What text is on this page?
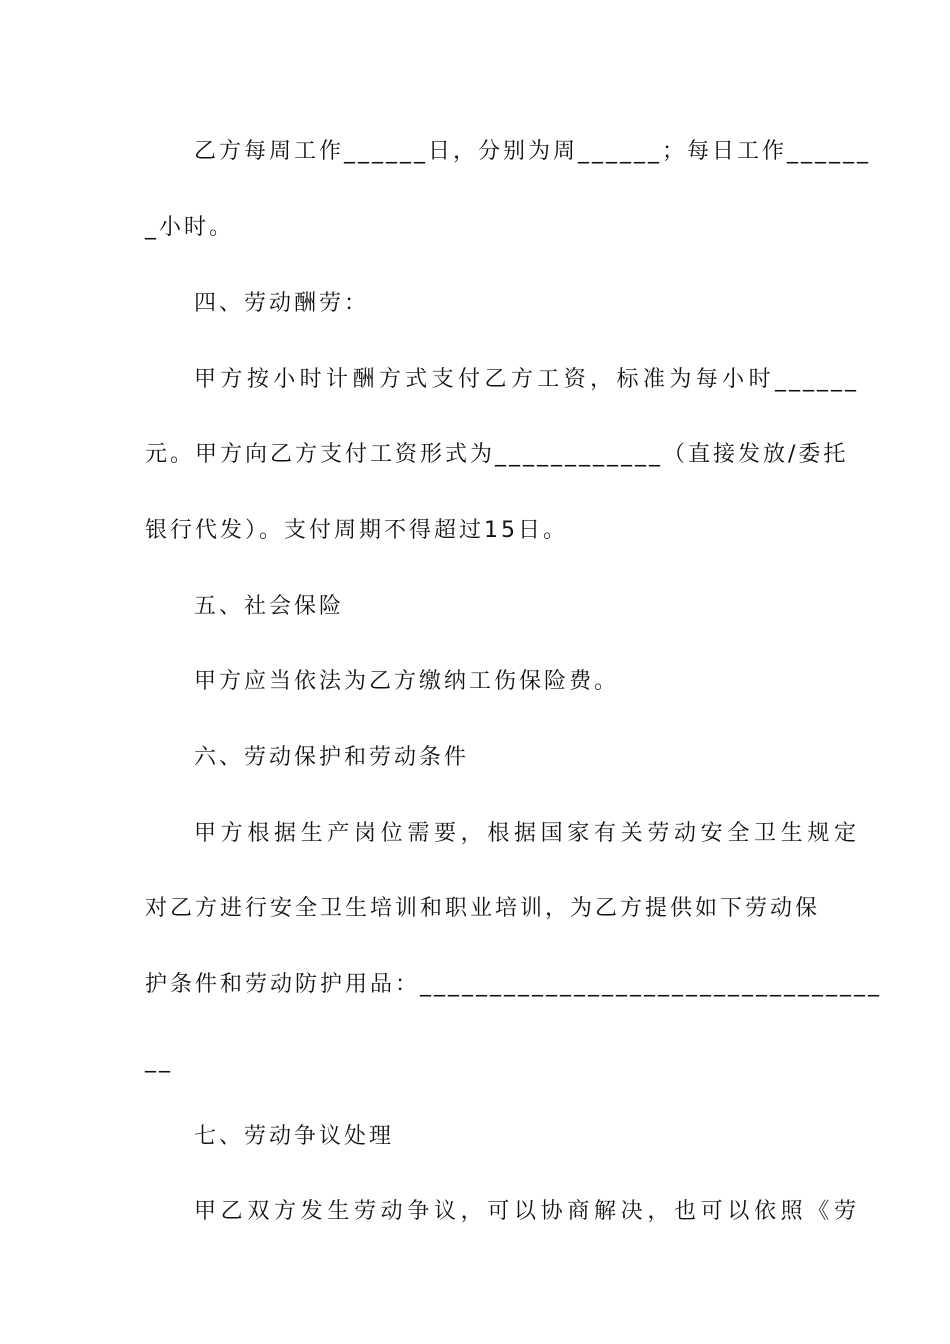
乙方每周工作______日，分别为周______；每日工作______
_小时。
四、劳动酬劳：
甲方按小时计酬方式支付乙方工资，标准为每小时______
元。甲方向乙方支付工资形式为____________（直接发放/委托
银行代发）。支付周期不得超过15日。
五、社会保险
甲方应当依法为乙方缴纳工伤保险费。
六、劳动保护和劳动条件
甲方根据生产岗位需要，根据国家有关劳动安全卫生规定
对乙方进行安全卫生培训和职业培训，为乙方提供如下劳动保
护条件和劳动防护用品：_________________________________
__
七、劳动争议处理
甲乙双方发生劳动争议，可以协商解决，也可以依照《劳
